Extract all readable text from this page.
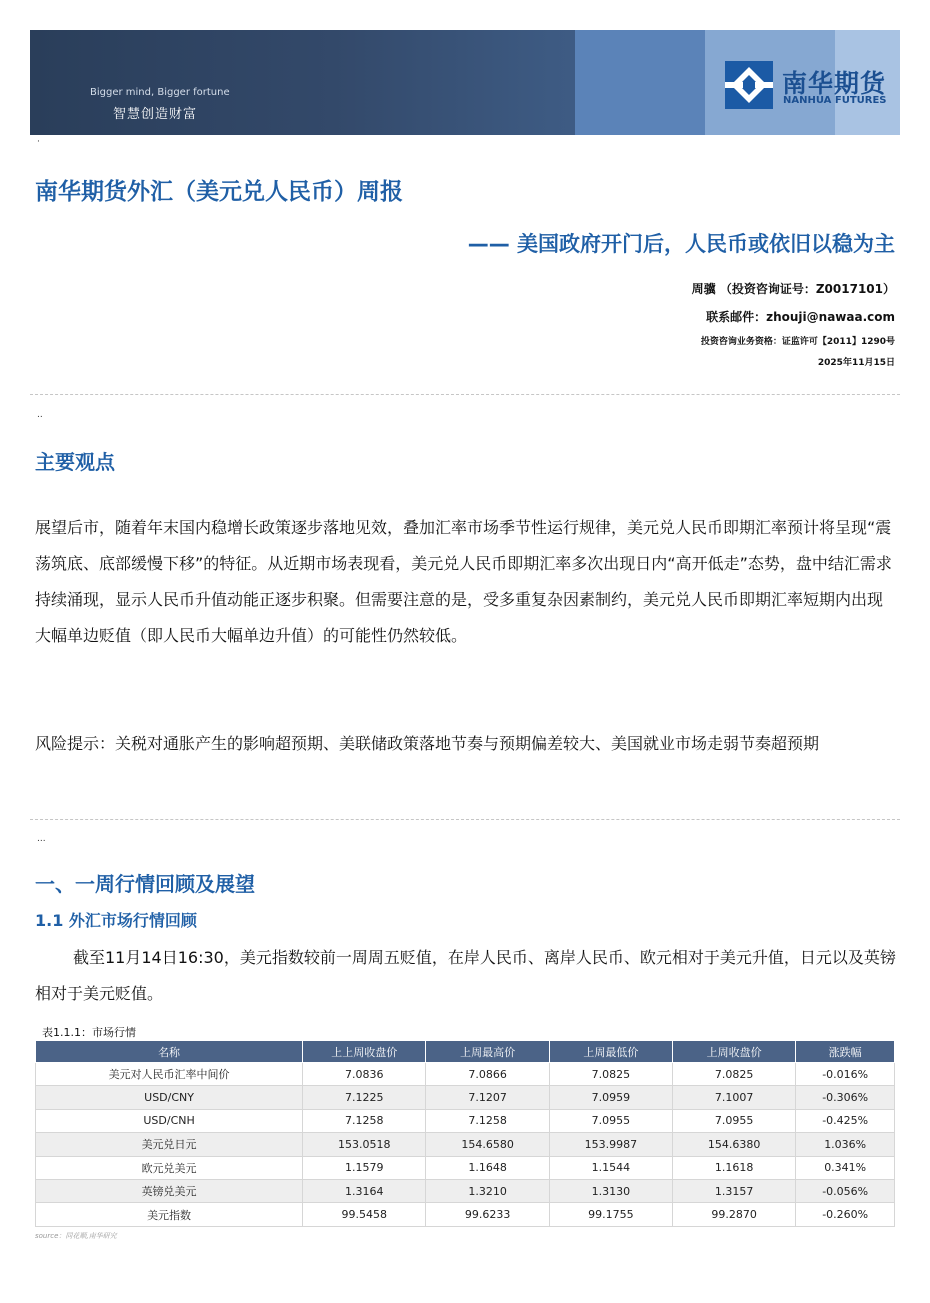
Bigger mind, Bigger fortune
智慧创造财富
南华期货
NANHUA FUTURES
·
南华期货外汇（美元兑人民币）周报
—— 美国政府开门后，人民币或依旧以稳为主
周骥 （投资咨询证号：Z0017101）
联系邮件：zhouji@nawaa.com
投资咨询业务资格：证监许可【2011】1290号
2025年11月15日
..
主要观点

展望后市，随着年末国内稳增长政策逐步落地见效，叠加汇率市场季节性运行规律，美元兑人民币即期汇率预计将呈现“震荡筑底、底部缓慢下移”的特征。从近期市场表现看，美元兑人民币即期汇率多次出现日内“高开低走”态势，盘中结汇需求持续涌现，显示人民币升值动能正逐步积聚。但需要注意的是，受多重复杂因素制约，美元兑人民币即期汇率短期内出现大幅单边贬值（即人民币大幅单边升值）的可能性仍然较低。

风险提示：关税对通胀产生的影响超预期、美联储政策落地节奏与预期偏差较大、美国就业市场走弱节奏超预期

...
一、一周行情回顾及展望
1.1 外汇市场行情回顾

截至11月14日16:30，美元指数较前一周周五贬值，在岸人民币、离岸人民币、欧元相对于美元升值，日元以及英镑相对于美元贬值。

表1.1.1：市场行情
名称	上上周收盘价	上周最高价	上周最低价	上周收盘价	涨跌幅
美元对人民币汇率中间价	7.0836	7.0866	7.0825	7.0825	-0.016%
USD/CNY	7.1225	7.1207	7.0959	7.1007	-0.306%
USD/CNH	7.1258	7.1258	7.0955	7.0955	-0.425%
美元兑日元	153.0518	154.6580	153.9987	154.6380	1.036%
欧元兑美元	1.1579	1.1648	1.1544	1.1618	0.341%
英镑兑美元	1.3164	1.3210	1.3130	1.3157	-0.056%
美元指数	99.5458	99.6233	99.1755	99.2870	-0.260%
source：同花顺,南华研究
